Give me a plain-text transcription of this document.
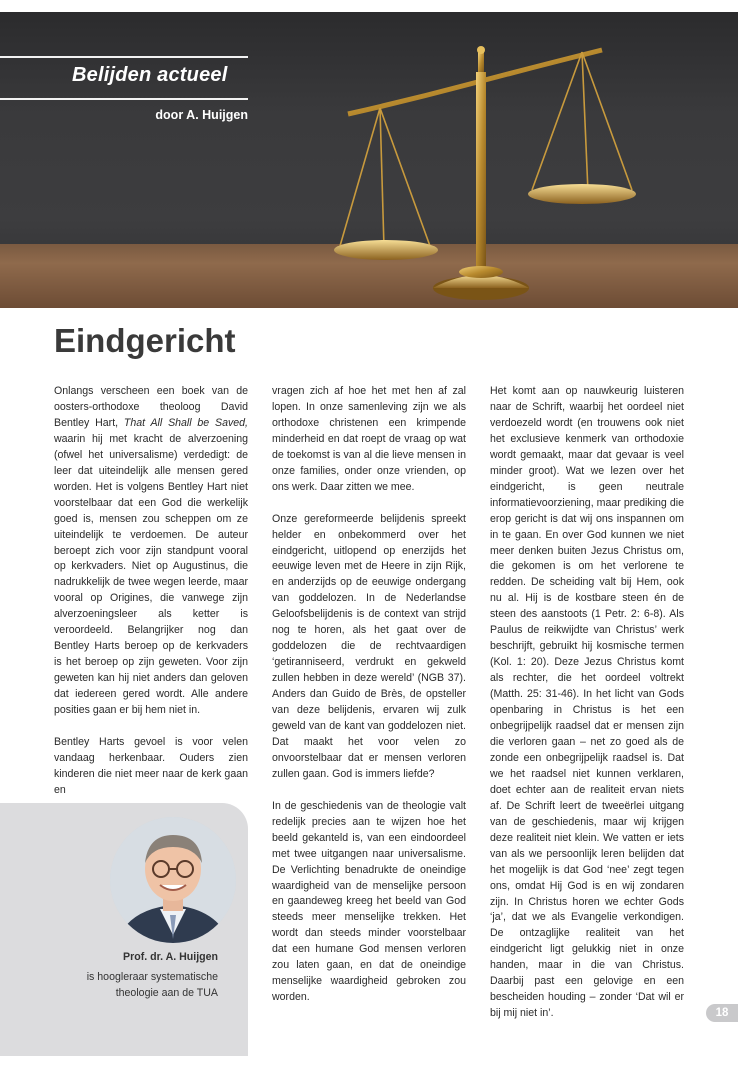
Belijden actueel
door A. Huijgen
Eindgericht

Onlangs verscheen een boek van de oosters-orthodoxe theoloog David Bentley Hart, That All Shall be Saved, waarin hij met kracht de alverzoening (ofwel het universalisme) verdedigt: de leer dat uiteindelijk alle mensen gered worden. Het is volgens Bentley Hart niet voorstelbaar dat een God die werkelijk goed is, mensen zou scheppen om ze uiteindelijk te verdoemen. De auteur beroept zich voor zijn standpunt vooral op kerkvaders. Niet op Augustinus, die nadrukkelijk de twee wegen leerde, maar vooral op Origines, die vanwege zijn alverzoeningsleer als ketter is veroordeeld. Belangrijker nog dan Bentley Harts beroep op de kerkvaders is het beroep op zijn geweten. Voor zijn geweten kan hij niet anders dan geloven dat iedereen gered wordt. Alle andere posities gaan er bij hem niet in.

Bentley Harts gevoel is voor velen vandaag herkenbaar. Ouders zien kinderen die niet meer naar de kerk gaan en

vragen zich af hoe het met hen af zal lopen. In onze samenleving zijn we als orthodoxe christenen een krimpende minderheid en dat roept de vraag op wat de toekomst is van al die lieve mensen in onze families, onder onze vrienden, op ons werk. Daar zitten we mee.

Onze gereformeerde belijdenis spreekt helder en onbekommerd over het eindgericht, uitlopend op enerzijds het eeuwige leven met de Heere in zijn Rijk, en anderzijds op de eeuwige ondergang van goddelozen. In de Nederlandse Geloofsbelijdenis is de context van strijd nog te horen, als het gaat over de goddelozen die de rechtvaardigen ‘getiranniseerd, verdrukt en gekweld zullen hebben in deze wereld’ (NGB 37). Anders dan Guido de Brès, de opsteller van deze belijdenis, ervaren wij zulk geweld van de kant van goddelozen niet. Dat maakt het voor velen zo onvoorstelbaar dat er mensen verloren zullen gaan. God is immers liefde?

In de geschiedenis van de theologie valt redelijk precies aan te wijzen hoe het beeld gekanteld is, van een eindoordeel met twee uitgangen naar universalisme. De Verlichting benadrukte de oneindige waardigheid van de menselijke persoon en gaandeweg kreeg het beeld van God steeds meer menselijke trekken. Het wordt dan steeds minder voorstelbaar dat een humane God mensen verloren zou laten gaan, en dat de oneindige menselijke waardigheid gebroken zou worden.

Het komt aan op nauwkeurig luisteren naar de Schrift, waarbij het oordeel niet verdoezeld wordt (en trouwens ook niet het exclusieve kenmerk van orthodoxie wordt gemaakt, maar dat gevaar is veel minder groot). Wat we lezen over het eindgericht, is geen neutrale informatievoorziening, maar prediking die erop gericht is dat wij ons inspannen om in te gaan. En over God kunnen we niet meer denken buiten Jezus Christus om, die gekomen is om het verlorene te redden. De scheiding valt bij Hem, ook nu al. Hij is de kostbare steen én de steen des aanstoots (1 Petr. 2: 6-8). Als Paulus de reikwijdte van Christus’ werk beschrijft, gebruikt hij kosmische termen (Kol. 1: 20). Deze Jezus Christus komt als rechter, die het oordeel voltrekt (Matth. 25: 31-46). In het licht van Gods openbaring in Christus is het een onbegrijpelijk raadsel dat er mensen zijn die verloren gaan – net zo goed als de zonde een onbegrijpelijk raadsel is. Dat we het raadsel niet kunnen verklaren, doet echter aan de realiteit ervan niets af. De Schrift leert de tweeërlei uitgang van de geschiedenis, maar wij krijgen deze realiteit niet klein. We vatten er iets van als we persoonlijk leren belijden dat het mogelijk is dat God ‘nee’ zegt tegen ons, omdat Hij God is en wij zondaren zijn. In Christus horen we echter Gods ‘ja’, dat we als Evangelie verkondigen. De ontzaglijke realiteit van het eindgericht ligt gelukkig niet in onze handen, maar in die van Christus. Daarbij past een gelovige en een bescheiden houding – zonder ‘Dat wil er bij mij niet in’.

Prof. dr. A. Huijgen
is hoogleraar systematische
theologie aan de TUA
18
